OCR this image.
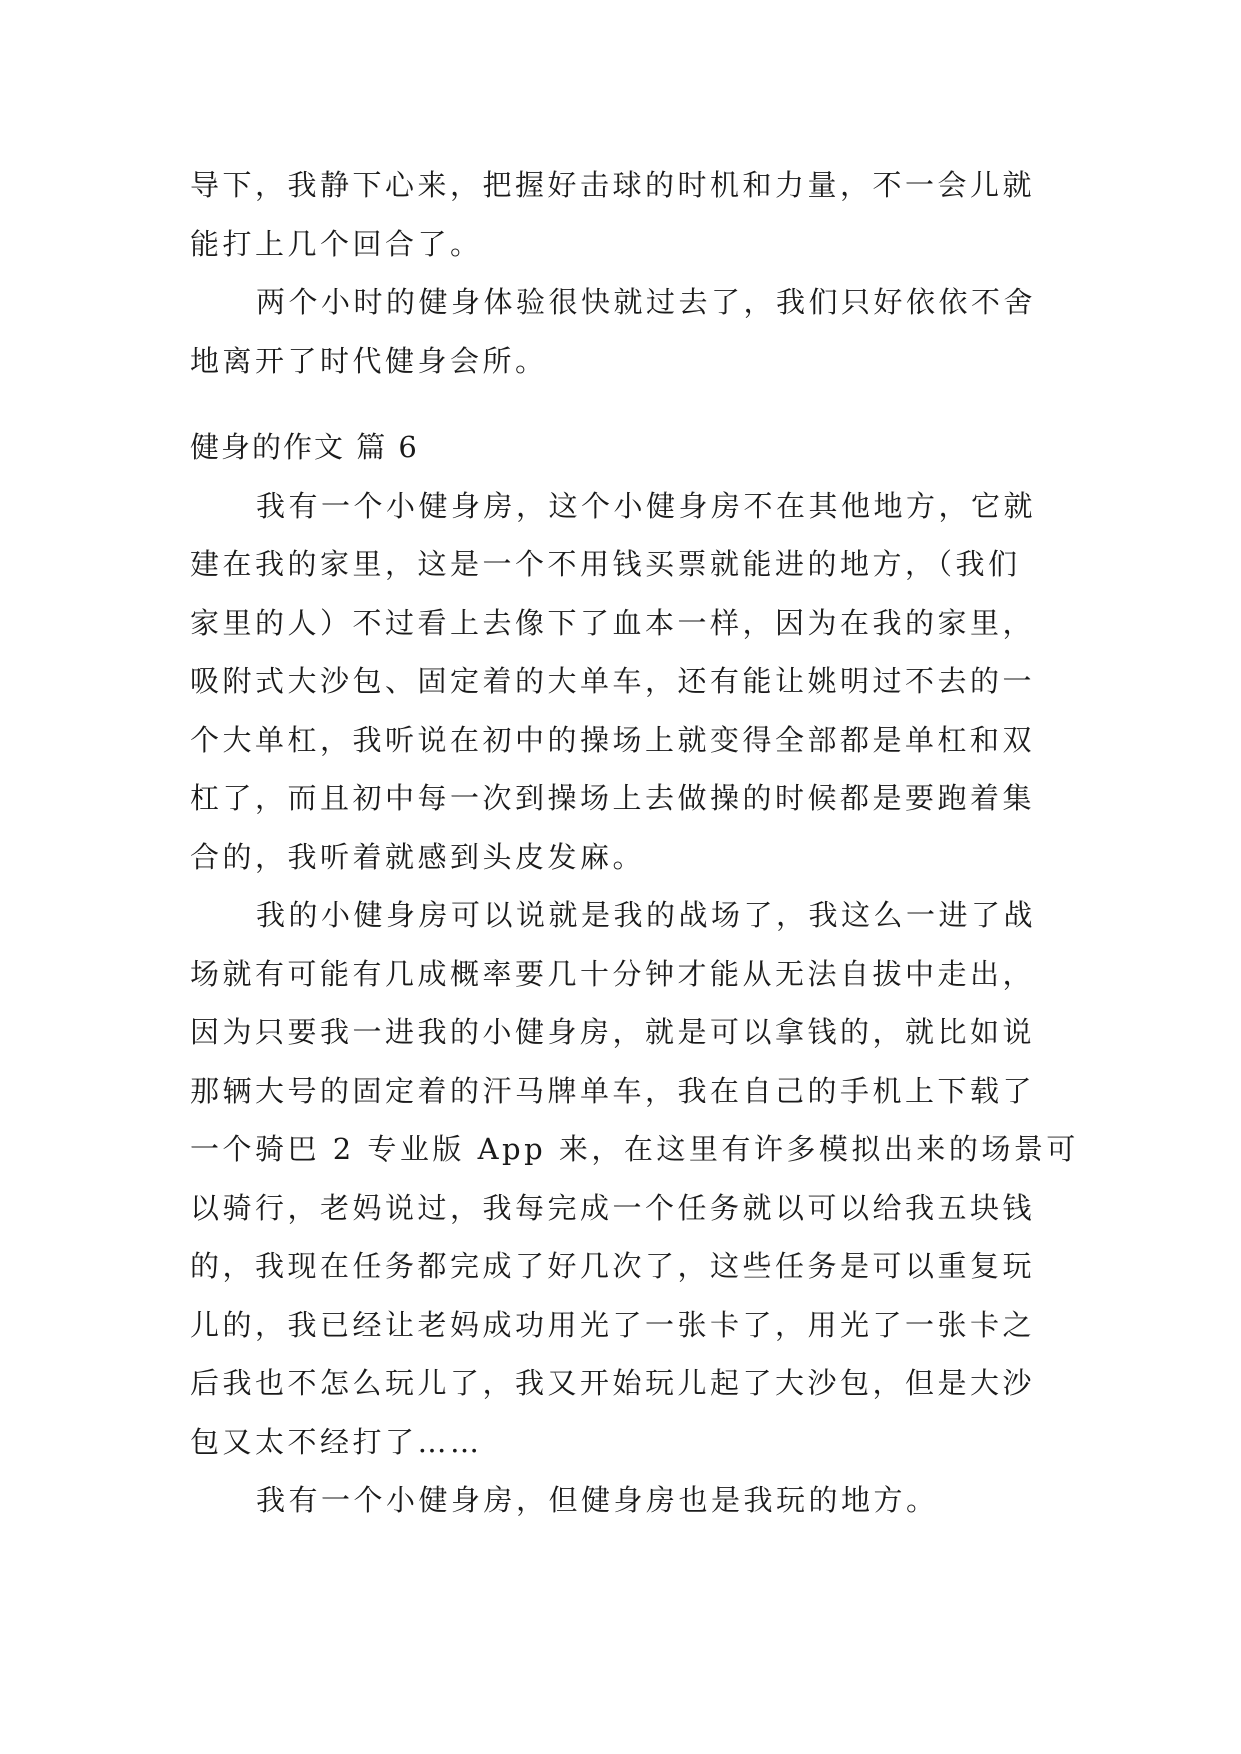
导下，我静下心来，把握好击球的时机和力量，不一会儿就
能打上几个回合了。
两个小时的健身体验很快就过去了，我们只好依依不舍
地离开了时代健身会所。
健身的作文 篇 6
我有一个小健身房，这个小健身房不在其他地方，它就
建在我的家里，这是一个不用钱买票就能进的地方，（我们
家里的人）不过看上去像下了血本一样，因为在我的家里，
吸附式大沙包、固定着的大单车，还有能让姚明过不去的一
个大单杠，我听说在初中的操场上就变得全部都是单杠和双
杠了，而且初中每一次到操场上去做操的时候都是要跑着集
合的，我听着就感到头皮发麻。
我的小健身房可以说就是我的战场了，我这么一进了战
场就有可能有几成概率要几十分钟才能从无法自拔中走出，
因为只要我一进我的小健身房，就是可以拿钱的，就比如说
那辆大号的固定着的汗马牌单车，我在自己的手机上下载了
一个骑巴 2 专业版 App 来，在这里有许多模拟出来的场景可
以骑行，老妈说过，我每完成一个任务就以可以给我五块钱
的，我现在任务都完成了好几次了，这些任务是可以重复玩
儿的，我已经让老妈成功用光了一张卡了，用光了一张卡之
后我也不怎么玩儿了，我又开始玩儿起了大沙包，但是大沙
包又太不经打了……
我有一个小健身房，但健身房也是我玩的地方。
